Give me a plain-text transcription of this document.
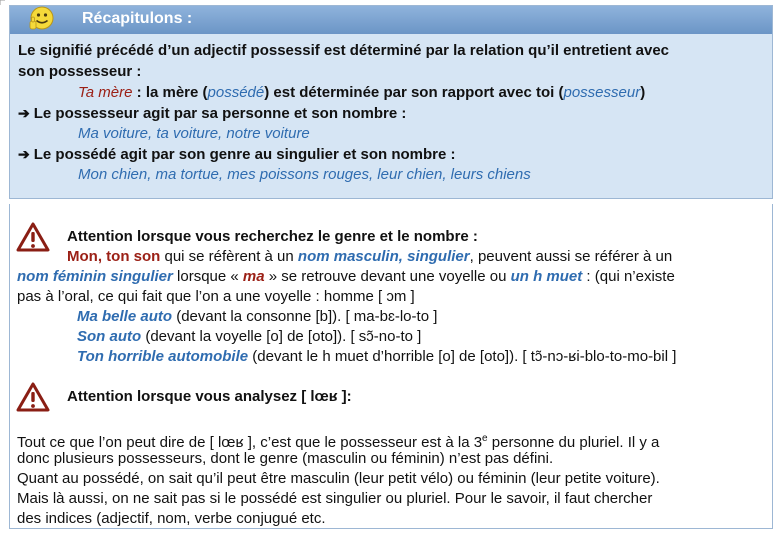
Récapitulons :
Le signifié précédé d’un adjectif possessif est déterminé par la relation qu’il entretient avec
son possesseur :
Ta mère : la mère (possédé) est déterminée par son rapport avec toi (possesseur)
➔ Le possesseur agit par sa personne et son nombre :
Ma voiture, ta voiture, notre voiture
➔ Le possédé agit par son genre au singulier et son nombre :
Mon chien, ma tortue, mes poissons rouges, leur chien, leurs chiens
Attention lorsque vous recherchez le genre et le nombre :
Mon, ton son qui se réfèrent à un nom masculin, singulier, peuvent aussi se référer à un
nom féminin singulier lorsque « ma » se retrouve devant une voyelle ou un h muet : (qui n’existe
pas à l’oral, ce qui fait que l’on a une voyelle : homme [ ɔm ]
Ma belle auto (devant la consonne [b]). [ ma-bɛ-lo-to ]
Son auto (devant la voyelle [o] de [oto]). [ sɔ̃-no-to ]
Ton horrible automobile (devant le h muet d’horrible [o] de [oto]). [ tɔ̃-nɔ-ʁi-blo-to-mo-bil ]
Attention lorsque vous analysez [ lœʁ ]:
Tout ce que l’on peut dire de [ lœʁ ], c’est que le possesseur est à la 3e personne du pluriel. Il y a
donc plusieurs possesseurs, dont le genre (masculin ou féminin) n’est pas défini.
Quant au possédé, on sait qu’il peut être masculin (leur petit vélo) ou féminin (leur petite voiture).
Mais là aussi, on ne sait pas si le possédé est singulier ou pluriel. Pour le savoir, il faut chercher
des indices (adjectif, nom, verbe conjugué etc.
